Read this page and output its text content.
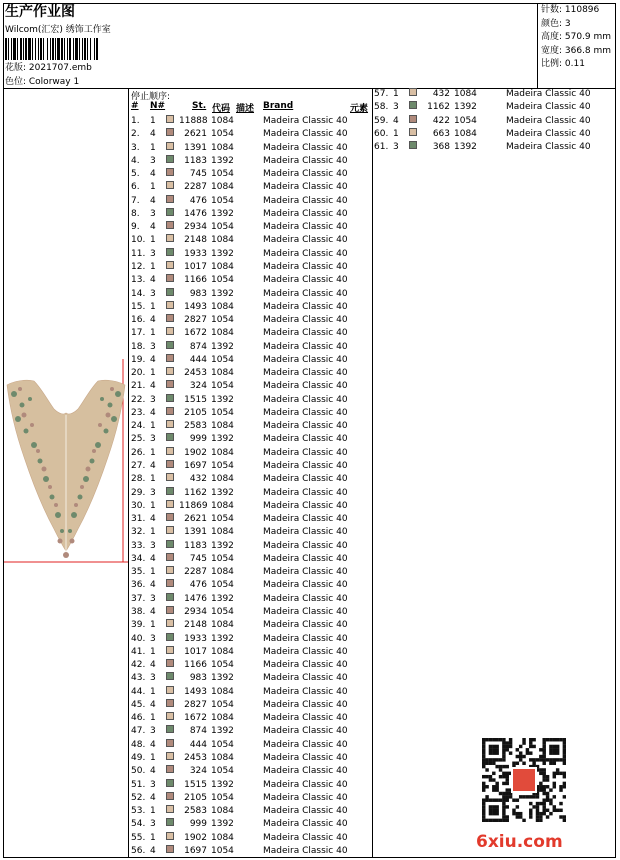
生产作业图
Wilcom(汇宏) 绣饰工作室
花版: 2021707.emb
色位: Colorway 1
针数: 110896
颜色: 3
高度: 570.9 mm
宽度: 366.8 mm
比例: 0.11
停止顺序:
# N#	St. 代码 描述 Brand	元素
1. 1	11888 1084	Madeira Classic 40
2. 4	2621 1054	Madeira Classic 40
3. 1	1391 1084	Madeira Classic 40
4. 3	1183 1392	Madeira Classic 40
5. 4	745 1054	Madeira Classic 40
6. 1	2287 1084	Madeira Classic 40
7. 4	476 1054	Madeira Classic 40
8. 3	1476 1392	Madeira Classic 40
9. 4	2934 1054	Madeira Classic 40
10. 1	2148 1084	Madeira Classic 40
11. 3	1933 1392	Madeira Classic 40
12. 1	1017 1084	Madeira Classic 40
13. 4	1166 1054	Madeira Classic 40
14. 3	983 1392	Madeira Classic 40
15. 1	1493 1084	Madeira Classic 40
16. 4	2827 1054	Madeira Classic 40
17. 1	1672 1084	Madeira Classic 40
18. 3	874 1392	Madeira Classic 40
19. 4	444 1054	Madeira Classic 40
20. 1	2453 1084	Madeira Classic 40
21. 4	324 1054	Madeira Classic 40
22. 3	1515 1392	Madeira Classic 40
23. 4	2105 1054	Madeira Classic 40
24. 1	2583 1084	Madeira Classic 40
25. 3	999 1392	Madeira Classic 40
26. 1	1902 1084	Madeira Classic 40
27. 4	1697 1054	Madeira Classic 40
28. 1	432 1084	Madeira Classic 40
29. 3	1162 1392	Madeira Classic 40
30. 1	11869 1084	Madeira Classic 40
31. 4	2621 1054	Madeira Classic 40
32. 1	1391 1084	Madeira Classic 40
33. 3	1183 1392	Madeira Classic 40
34. 4	745 1054	Madeira Classic 40
35. 1	2287 1084	Madeira Classic 40
36. 4	476 1054	Madeira Classic 40
37. 3	1476 1392	Madeira Classic 40
38. 4	2934 1054	Madeira Classic 40
39. 1	2148 1084	Madeira Classic 40
40. 3	1933 1392	Madeira Classic 40
41. 1	1017 1084	Madeira Classic 40
42. 4	1166 1054	Madeira Classic 40
43. 3	983 1392	Madeira Classic 40
44. 1	1493 1084	Madeira Classic 40
45. 4	2827 1054	Madeira Classic 40
46. 1	1672 1084	Madeira Classic 40
47. 3	874 1392	Madeira Classic 40
48. 4	444 1054	Madeira Classic 40
49. 1	2453 1084	Madeira Classic 40
50. 4	324 1054	Madeira Classic 40
51. 3	1515 1392	Madeira Classic 40
52. 4	2105 1054	Madeira Classic 40
53. 1	2583 1084	Madeira Classic 40
54. 3	999 1392	Madeira Classic 40
55. 1	1902 1084	Madeira Classic 40
56. 4	1697 1054	Madeira Classic 40
57. 1	432 1084	Madeira Classic 40
58. 3	1162 1392	Madeira Classic 40
59. 4	422 1054	Madeira Classic 40
60. 1	663 1084	Madeira Classic 40
61. 3	368 1392	Madeira Classic 40
6xiu.com
